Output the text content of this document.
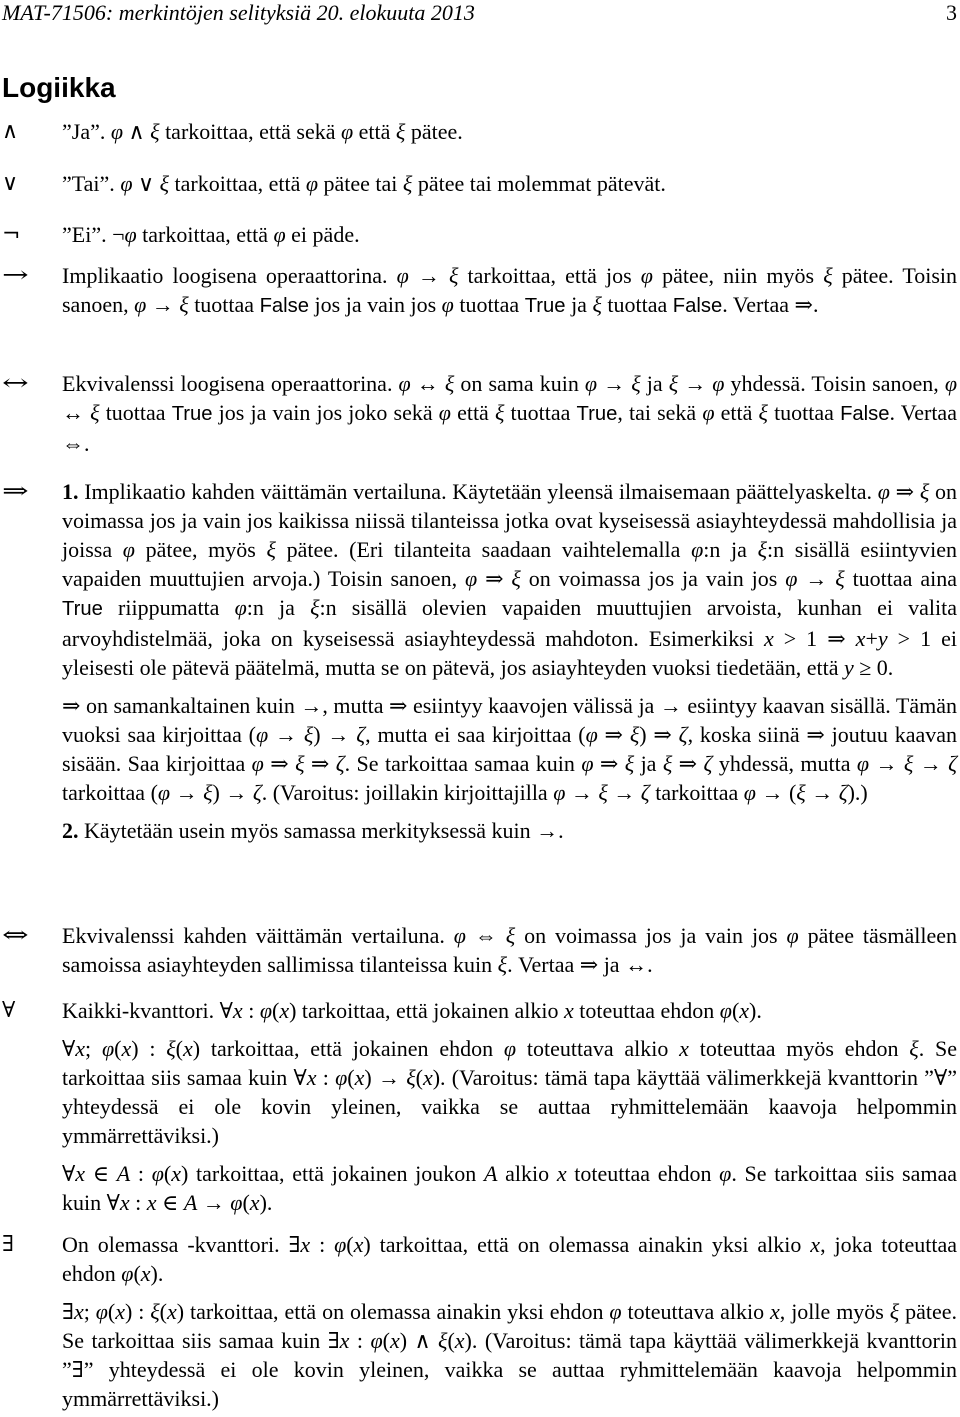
MAT-71506: merkintöjen selityksiä 20. elokuuta 2013	3
Logiikka
∧	”Ja”. φ ∧ ξ tarkoittaa, että sekä φ että ξ pätee.

∨	”Tai”. φ ∨ ξ tarkoittaa, että φ pätee tai ξ pätee tai molemmat pätevät.

¬	”Ei”. ¬φ tarkoittaa, että φ ei päde.

→	Implikaatio loogisena operaattorina. φ → ξ tarkoittaa, että jos φ pätee, niin myös ξ pätee. Toisin sanoen, φ → ξ tuottaa False jos ja vain jos φ tuottaa True ja ξ tuottaa False. Vertaa ⇒.

↔	Ekvivalenssi loogisena operaattorina. φ ↔ ξ on sama kuin φ → ξ ja ξ → φ yhdessä. Toisin sanoen, φ ↔ ξ tuottaa True jos ja vain jos joko sekä φ että ξ tuottaa True, tai sekä φ että ξ tuottaa False. Vertaa ⇔.

⇒	1. Implikaatio kahden väittämän vertailuna. Käytetään yleensä ilmaisemaan päättelyaskelta. φ ⇒ ξ on voimassa jos ja vain jos kaikissa niissä tilanteissa jotka ovat kyseisessä asiayhteydessä mahdollisia ja joissa φ pätee, myös ξ pätee. (Eri tilanteita saadaan vaihtelemalla φ:n ja ξ:n sisällä esiintyvien vapaiden muuttujien arvoja.) Toisin sanoen, φ ⇒ ξ on voimassa jos ja vain jos φ → ξ tuottaa aina True riippumatta φ:n ja ξ:n sisällä olevien vapaiden muuttujien arvoista, kunhan ei valita arvoyhdistelmää, joka on kyseisessä asiayhteydessä mahdoton. Esimerkiksi x > 1 ⇒ x+y > 1 ei yleisesti ole pätevä päätelmä, mutta se on pätevä, jos asiayhteyden vuoksi tiedetään, että y ≥ 0.

⇒ on samankaltainen kuin →, mutta ⇒ esiintyy kaavojen välissä ja → esiintyy kaavan sisällä. Tämän vuoksi saa kirjoittaa (φ → ξ) → ζ, mutta ei saa kirjoittaa (φ ⇒ ξ) ⇒ ζ, koska siinä ⇒ joutuu kaavan sisään. Saa kirjoittaa φ ⇒ ξ ⇒ ζ. Se tarkoittaa samaa kuin φ ⇒ ξ ja ξ ⇒ ζ yhdessä, mutta φ → ξ → ζ tarkoittaa (φ → ξ) → ζ. (Varoitus: joillakin kirjoittajilla φ → ξ → ζ tarkoittaa φ → (ξ → ζ).)

2. Käytetään usein myös samassa merkityksessä kuin →.

⇔	Ekvivalenssi kahden väittämän vertailuna. φ ⇔ ξ on voimassa jos ja vain jos φ pätee täsmälleen samoissa asiayhteyden sallimissa tilanteissa kuin ξ. Vertaa ⇒ ja ↔.

∀	Kaikki-kvanttori. ∀x : φ(x) tarkoittaa, että jokainen alkio x toteuttaa ehdon φ(x).

∀x; φ(x) : ξ(x) tarkoittaa, että jokainen ehdon φ toteuttava alkio x toteuttaa myös ehdon ξ. Se tarkoittaa siis samaa kuin ∀x : φ(x) → ξ(x). (Varoitus: tämä tapa käyttää välimerkkejä kvanttorin ”∀” yhteydessä ei ole kovin yleinen, vaikka se auttaa ryhmittelemään kaavoja helpommin ymmärrettäviksi.)

∀x ∈ A : φ(x) tarkoittaa, että jokainen joukon A alkio x toteuttaa ehdon φ. Se tarkoittaa siis samaa kuin ∀x : x ∈ A → φ(x).

∃	On olemassa -kvanttori. ∃x : φ(x) tarkoittaa, että on olemassa ainakin yksi alkio x, joka toteuttaa ehdon φ(x).

∃x; φ(x) : ξ(x) tarkoittaa, että on olemassa ainakin yksi ehdon φ toteuttava alkio x, jolle myös ξ pätee. Se tarkoittaa siis samaa kuin ∃x : φ(x) ∧ ξ(x). (Varoitus: tämä tapa käyttää välimerkkejä kvanttorin ”∃” yhteydessä ei ole kovin yleinen, vaikka se auttaa ryhmittelemään kaavoja helpommin ymmärrettäviksi.)
